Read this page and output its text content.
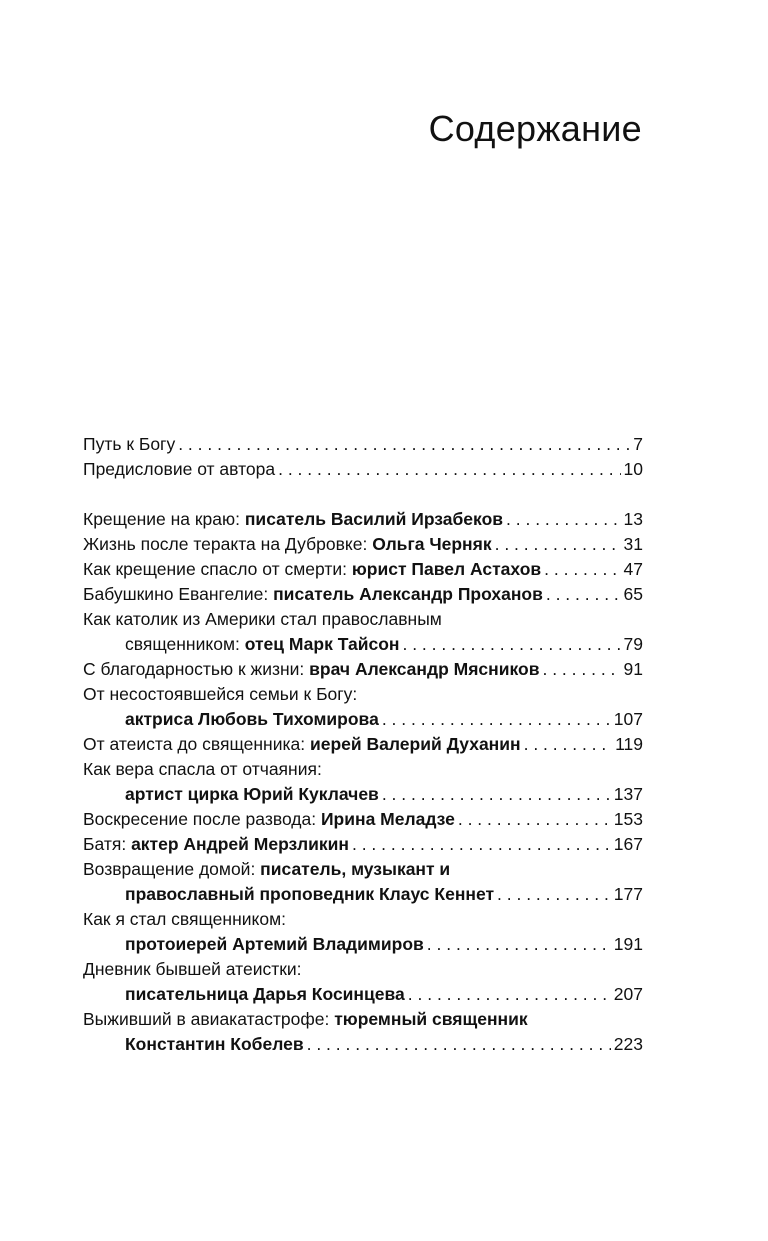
Содержание
Путь к Богу . . .	7
Предисловие от автора . . .	10
Крещение на краю: писатель Василий Ирзабеков . . .	13
Жизнь после теракта на Дубровке: Ольга Черняк . . .	31
Как крещение спасло от смерти: юрист Павел Астахов . . .	47
Бабушкино Евангелие: писатель Александр Проханов . . .	65
Как католик из Америки стал православным
священником: отец Марк Тайсон . . .	79
С благодарностью к жизни: врач Александр Мясников . . .	91
От несостоявшейся семьи к Богу:
актриса Любовь Тихомирова . . .	107
От атеиста до священника: иерей Валерий Духанин . . .	119
Как вера спасла от отчаяния:
артист цирка Юрий Куклачев . . .	137
Воскресение после развода: Ирина Меладзе . . .	153
Батя: актер Андрей Мерзликин . . .	167
Возвращение домой: писатель, музыкант и
православный проповедник Клаус Кеннет . . .	177
Как я стал священником:
протоиерей Артемий Владимиров . . .	191
Дневник бывшей атеистки:
писательница Дарья Косинцева . . .	207
Выживший в авиакатастрофе: тюремный священник
Константин Кобелев . . .	223
